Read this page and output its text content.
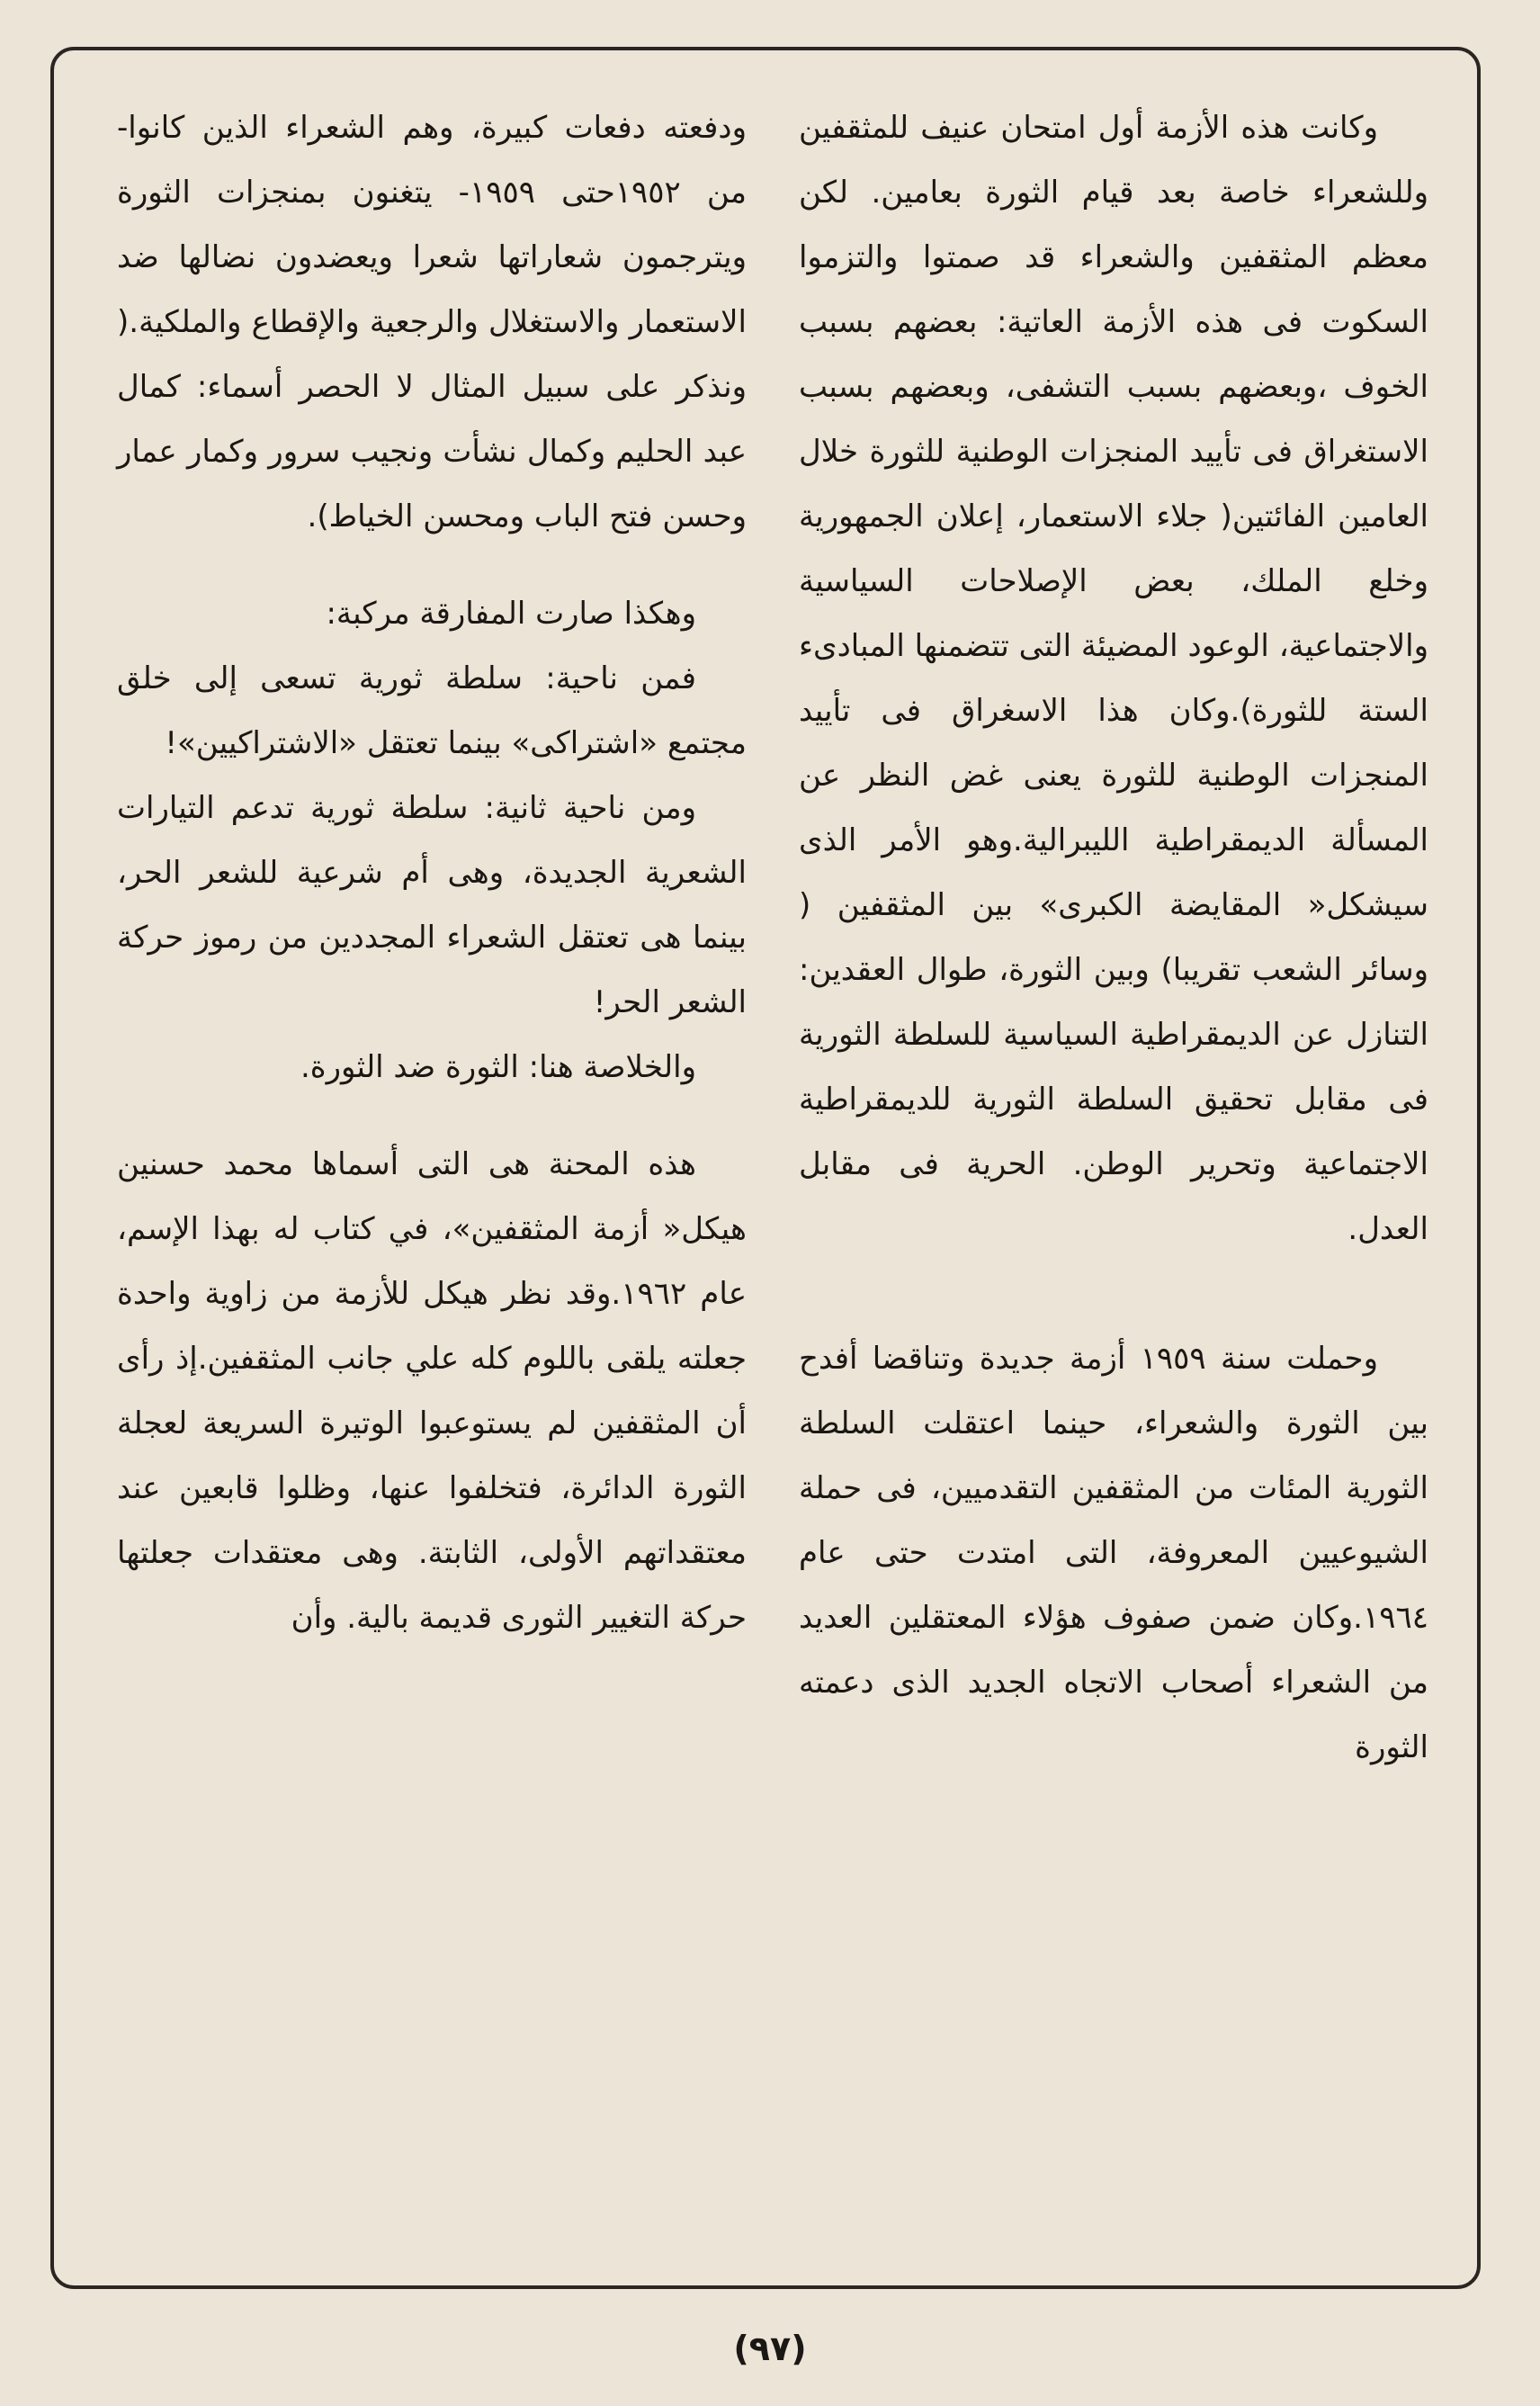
وكانت هذه الأزمة أول امتحان عنيف للمثقفين وللشعراء خاصة بعد قيام الثورة بعامين. لكن معظم المثقفين والشعراء قد صمتوا والتزموا السكوت فى هذه الأزمة العاتية: بعضهم بسبب الخوف ،وبعضهم بسبب التشفى، وبعضهم بسبب الاستغراق فى تأييد المنجزات الوطنية للثورة خلال العامين الفائتين( جلاء الاستعمار، إعلان الجمهورية وخلع الملك، بعض الإصلاحات السياسية والاجتماعية، الوعود المضيئة التى تتضمنها المبادىء الستة للثورة).وكان هذا الاسغراق فى تأييد المنجزات الوطنية للثورة يعنى غض النظر عن المسألة الديمقراطية الليبرالية.وهو الأمر الذى سيشكل« المقايضة الكبرى» بين المثقفين ( وسائر الشعب تقريبا) وبين الثورة، طوال العقدين: التنازل عن الديمقراطية السياسية للسلطة الثورية فى مقابل تحقيق السلطة الثورية للديمقراطية الاجتماعية وتحرير الوطن. الحرية فى مقابل العدل.

وحملت سنة ١٩٥٩ أزمة جديدة وتناقضا أفدح بين الثورة والشعراء، حينما اعتقلت السلطة الثورية المئات من المثقفين التقدميين، فى حملة الشيوعيين المعروفة، التى امتدت حتى عام ١٩٦٤.وكان ضمن صفوف هؤلاء المعتقلين العديد من الشعراء أصحاب الاتجاه الجديد الذى دعمته الثورة

ودفعته دفعات كبيرة، وهم الشعراء الذين كانوا- من ١٩٥٢حتى ١٩٥٩- يتغنون بمنجزات الثورة ويترجمون شعاراتها شعرا ويعضدون نضالها ضد الاستعمار والاستغلال والرجعية والإقطاع والملكية.( ونذكر على سبيل المثال لا الحصر أسماء: كمال عبد الحليم وكمال نشأت ونجيب سرور وكمار عمار وحسن فتح الباب ومحسن الخياط).

وهكذا صارت المفارقة مركبة:

فمن ناحية: سلطة ثورية تسعى إلى خلق مجتمع «اشتراكى» بينما تعتقل «الاشتراكيين»!

ومن ناحية ثانية: سلطة ثورية تدعم التيارات الشعرية الجديدة، وهى أم شرعية للشعر الحر، بينما هى تعتقل الشعراء المجددين من رموز حركة الشعر الحر!

والخلاصة هنا: الثورة ضد الثورة.

هذه المحنة هى التى أسماها محمد حسنين هيكل« أزمة المثقفين»، في كتاب له بهذا الإسم، عام ١٩٦٢.وقد نظر هيكل للأزمة من زاوية واحدة جعلته يلقى باللوم كله علي جانب المثقفين.إذ رأى أن المثقفين لم يستوعبوا الوتيرة السريعة لعجلة الثورة الدائرة، فتخلفوا عنها، وظلوا قابعين عند معتقداتهم الأولى، الثابتة. وهى معتقدات جعلتها حركة التغيير الثورى قديمة بالية. وأن

(٩٧)
